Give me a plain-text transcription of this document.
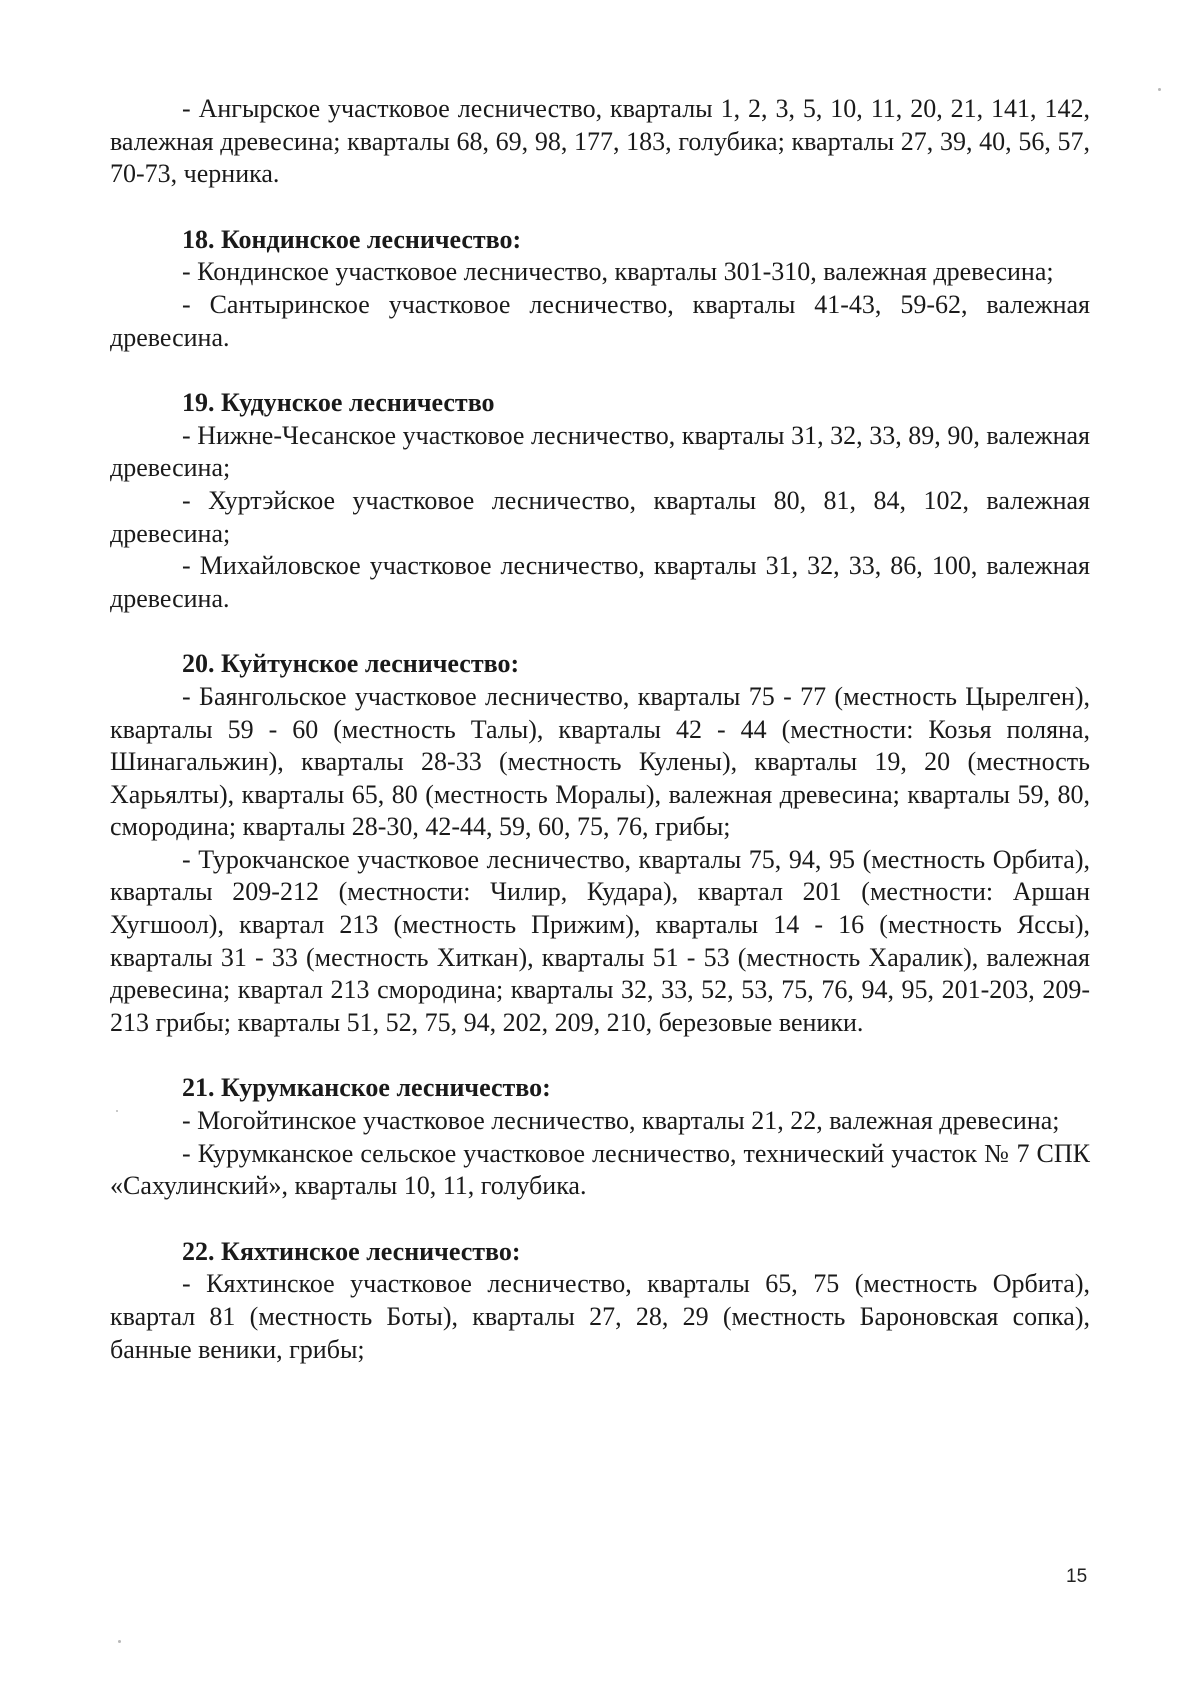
- Ангырское участковое лесничество, кварталы 1, 2, 3, 5, 10, 11, 20, 21, 141, 142, валежная древесина; кварталы 68, 69, 98, 177, 183, голубика; кварталы 27, 39, 40, 56, 57, 70-73, черника.

18. Кондинское лесничество:

- Кондинское участковое лесничество, кварталы 301-310, валежная древесина;

- Сантыринское участковое лесничество, кварталы 41-43, 59-62, валежная древесина.

19. Кудунское лесничество

- Нижне-Чесанское участковое лесничество, кварталы 31, 32, 33, 89, 90, валежная древесина;

- Хуртэйское участковое лесничество, кварталы 80, 81, 84, 102, валежная древесина;

- Михайловское участковое лесничество, кварталы 31, 32, 33, 86, 100, валежная древесина.

20. Куйтунское лесничество:

- Баянгольское участковое лесничество, кварталы 75 - 77 (местность Цырелген), кварталы 59 - 60 (местность Талы), кварталы 42 - 44 (местности: Козья поляна, Шинагальжин), кварталы 28-33 (местность Кулены), кварталы 19, 20 (местность Харьялты), кварталы 65, 80 (местность Моралы), валежная древесина; кварталы 59, 80, смородина; кварталы 28-30, 42-44, 59, 60, 75, 76, грибы;

- Турокчанское участковое лесничество, кварталы 75, 94, 95 (местность Орбита), кварталы 209-212 (местности: Чилир, Кудара), квартал 201 (местности: Аршан Хугшоол), квартал 213 (местность Прижим), кварталы 14 - 16 (местность Яссы), кварталы 31 - 33 (местность Хиткан), кварталы 51 - 53 (местность Харалик), валежная древесина; квартал 213 смородина; кварталы 32, 33, 52, 53, 75, 76, 94, 95, 201-203, 209-213 грибы; кварталы 51, 52, 75, 94, 202, 209, 210, березовые веники.

21. Курумканское лесничество:

- Могойтинское участковое лесничество, кварталы 21, 22, валежная древесина;

- Курумканское сельское участковое лесничество, технический участок № 7 СПК «Сахулинский», кварталы 10, 11, голубика.

22. Кяхтинское лесничество:

- Кяхтинское участковое лесничество, кварталы 65, 75 (местность Орбита), квартал 81 (местность Боты), кварталы 27, 28, 29 (местность Бароновская сопка), банные веники, грибы;

15
